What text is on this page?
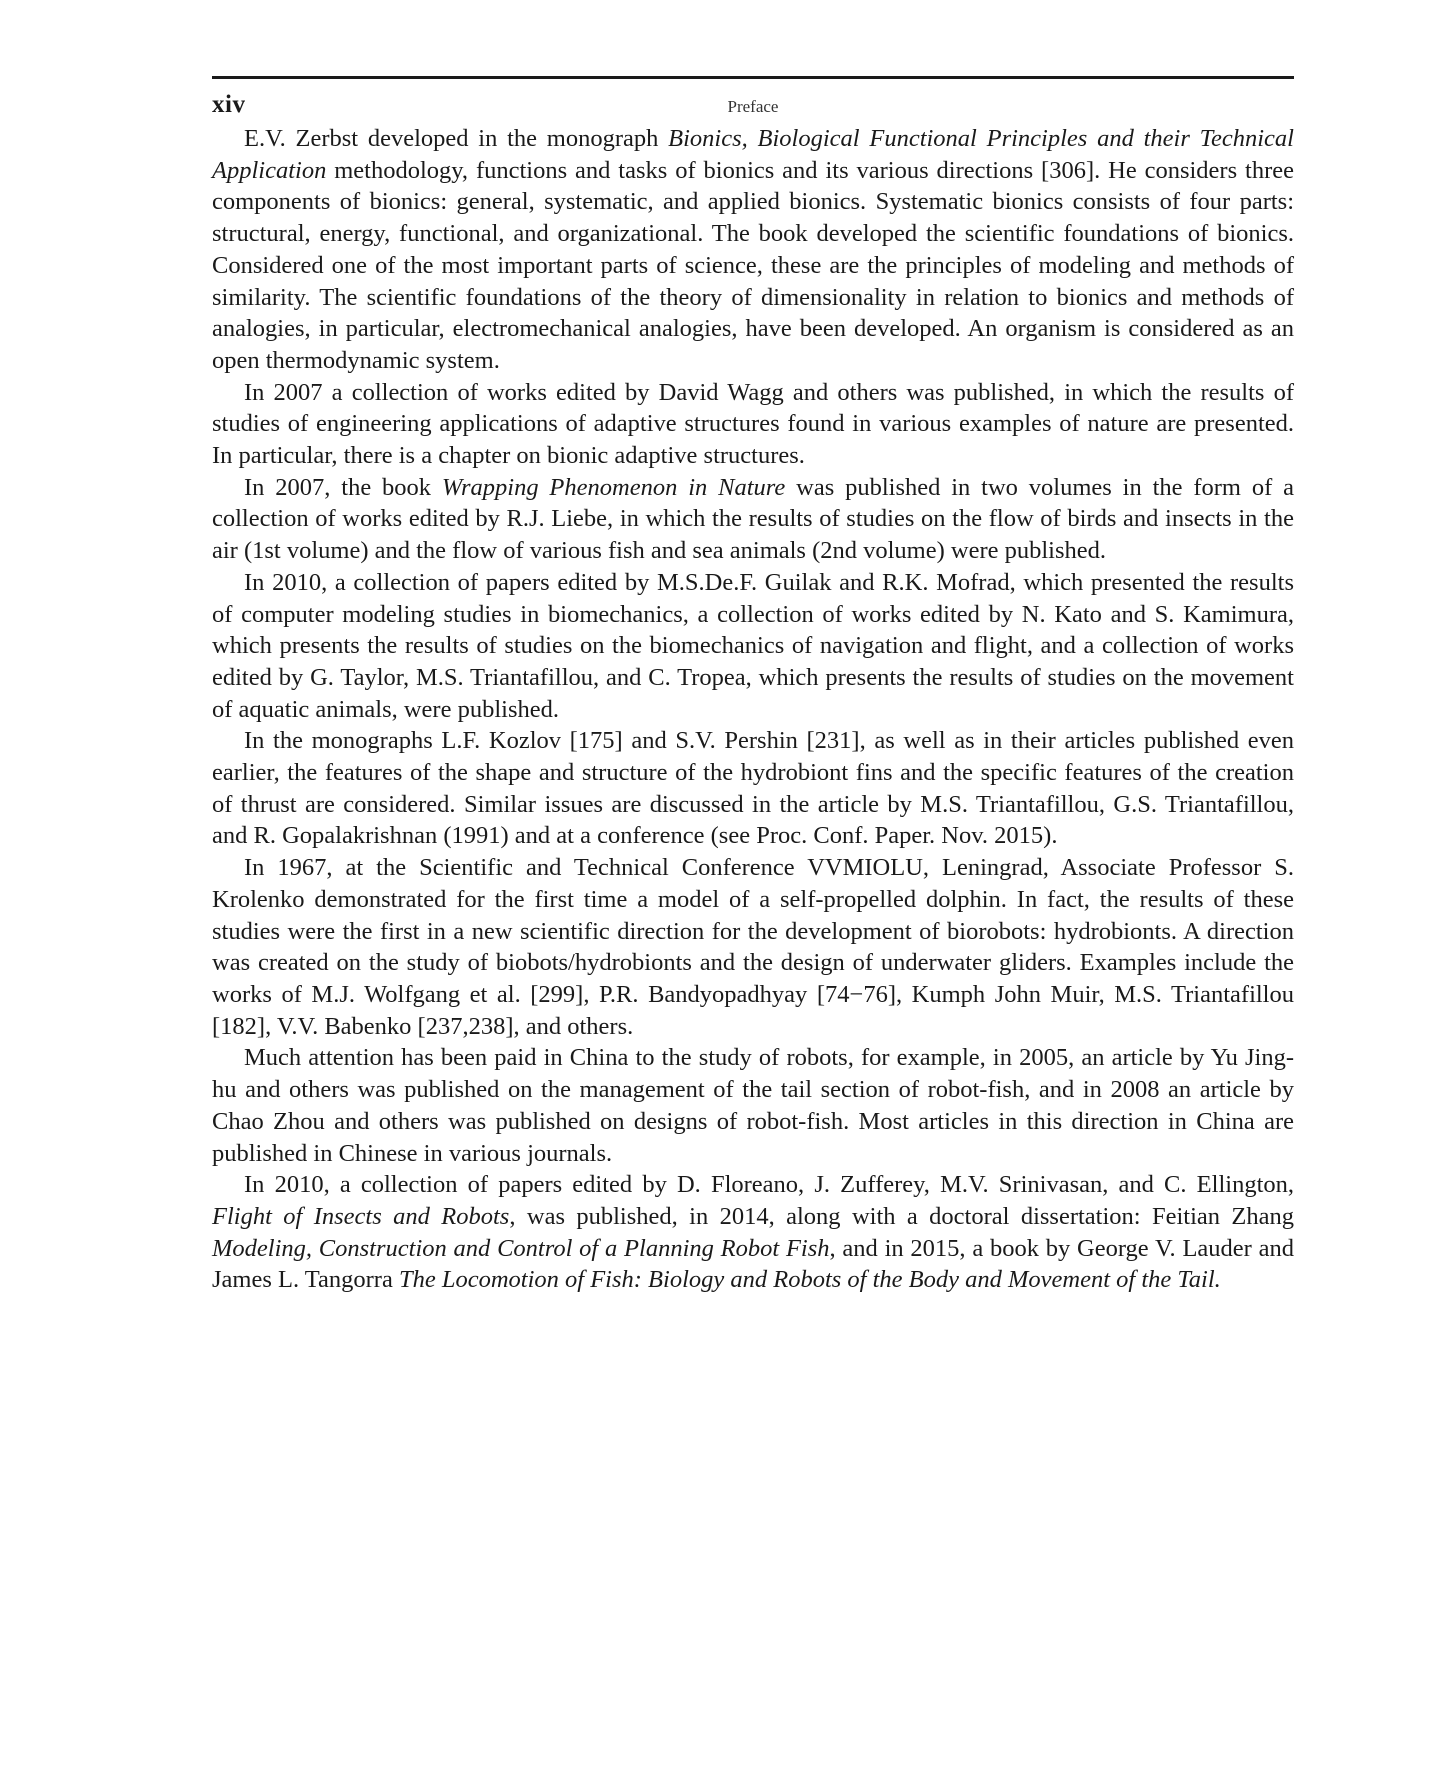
xiv	Preface

E.V. Zerbst developed in the monograph Bionics, Biological Functional Principles and their Technical Application methodology, functions and tasks of bionics and its various directions [306]. He considers three components of bionics: general, systematic, and applied bionics. Systematic bionics consists of four parts: structural, energy, functional, and organizational. The book developed the scientific foundations of bionics. Considered one of the most important parts of science, these are the principles of modeling and methods of similarity. The scientific foundations of the theory of dimensionality in relation to bionics and methods of analogies, in particular, electromechanical analogies, have been developed. An organism is considered as an open thermodynamic system.

In 2007 a collection of works edited by David Wagg and others was published, in which the results of studies of engineering applications of adaptive structures found in various examples of nature are presented. In particular, there is a chapter on bionic adaptive structures.

In 2007, the book Wrapping Phenomenon in Nature was published in two volumes in the form of a collection of works edited by R.J. Liebe, in which the results of studies on the flow of birds and insects in the air (1st volume) and the flow of various fish and sea animals (2nd volume) were published.

In 2010, a collection of papers edited by M.S.De.F. Guilak and R.K. Mofrad, which presented the results of computer modeling studies in biomechanics, a collection of works edited by N. Kato and S. Kamimura, which presents the results of studies on the biomechanics of navigation and flight, and a collection of works edited by G. Taylor, M.S. Triantafillou, and C. Tropea, which presents the results of studies on the movement of aquatic animals, were published.

In the monographs L.F. Kozlov [175] and S.V. Pershin [231], as well as in their articles published even earlier, the features of the shape and structure of the hydrobiont fins and the specific features of the creation of thrust are considered. Similar issues are discussed in the article by M.S. Triantafillou, G.S. Triantafillou, and R. Gopalakrishnan (1991) and at a conference (see Proc. Conf. Paper. Nov. 2015).

In 1967, at the Scientific and Technical Conference VVMIOLU, Leningrad, Associate Professor S. Krolenko demonstrated for the first time a model of a self-propelled dolphin. In fact, the results of these studies were the first in a new scientific direction for the development of biorobots: hydrobionts. A direction was created on the study of biobots/hydrobionts and the design of underwater gliders. Examples include the works of M.J. Wolfgang et al. [299], P.R. Bandyopadhyay [74−76], Kumph John Muir, M.S. Triantafillou [182], V.V. Babenko [237,238], and others.

Much attention has been paid in China to the study of robots, for example, in 2005, an article by Yu Jing-hu and others was published on the management of the tail section of robot-fish, and in 2008 an article by Chao Zhou and others was published on designs of robot-fish. Most articles in this direction in China are published in Chinese in various journals.

In 2010, a collection of papers edited by D. Floreano, J. Zufferey, M.V. Srinivasan, and C. Ellington, Flight of Insects and Robots, was published, in 2014, along with a doctoral dissertation: Feitian Zhang Modeling, Construction and Control of a Planning Robot Fish, and in 2015, a book by George V. Lauder and James L. Tangorra The Locomotion of Fish: Biology and Robots of the Body and Movement of the Tail.
